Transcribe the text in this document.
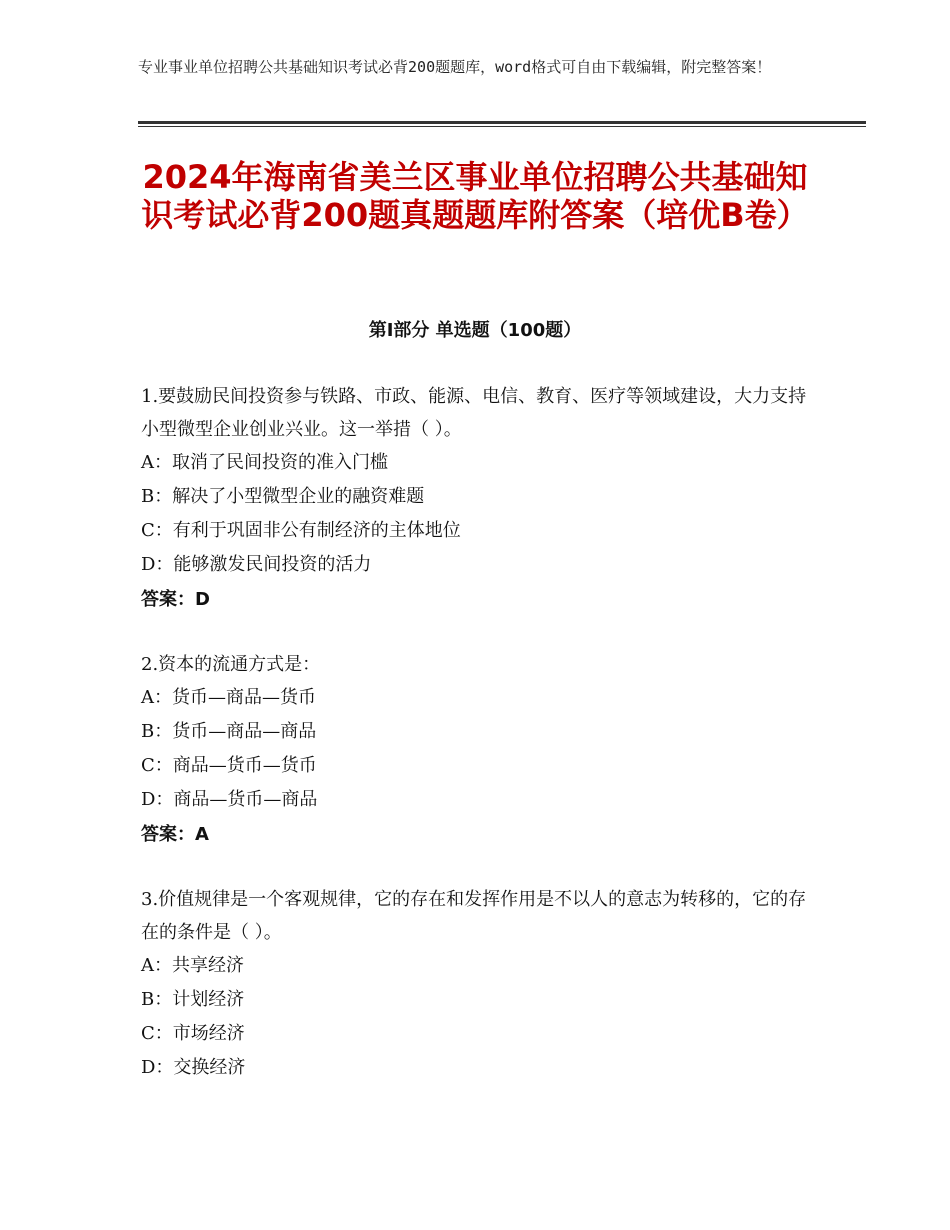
专业事业单位招聘公共基础知识考试必背200题题库，word格式可自由下载编辑，附完整答案！
2024年海南省美兰区事业单位招聘公共基础知识考试必背200题真题题库附答案（培优B卷）
第Ⅰ部分 单选题（100题）
1.要鼓励民间投资参与铁路、市政、能源、电信、教育、医疗等领域建设，大力支持小型微型企业创业兴业。这一举措（ ）。
A：取消了民间投资的准入门槛
B：解决了小型微型企业的融资难题
C：有利于巩固非公有制经济的主体地位
D：能够激发民间投资的活力
答案：D
2.资本的流通方式是：
A：货币—商品—货币
B：货币—商品—商品
C：商品—货币—货币
D：商品—货币—商品
答案：A
3.价值规律是一个客观规律，它的存在和发挥作用是不以人的意志为转移的，它的存在的条件是（ ）。
A：共享经济
B：计划经济
C：市场经济
D：交换经济
